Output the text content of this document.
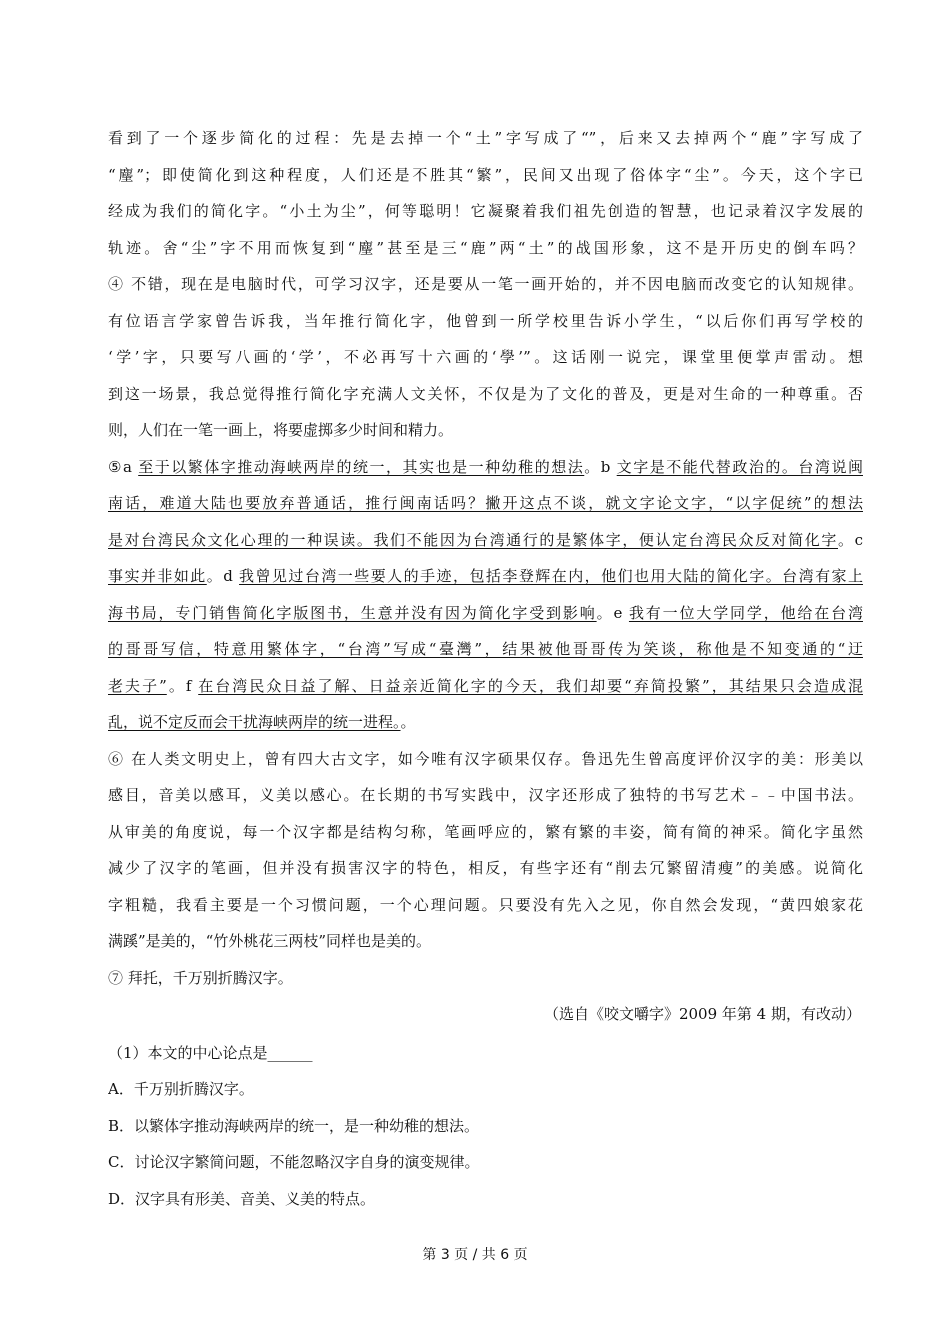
看到了一个逐步简化的过程：先是去掉一个“土”字写成了“”，后来又去掉两个“鹿”字写成了
“麈”；即使简化到这种程度，人们还是不胜其“繁”，民间又出现了俗体字“尘”。今天，这个字已
经成为我们的简化字。“小土为尘”，何等聪明！它凝聚着我们祖先创造的智慧，也记录着汉字发展的
轨迹。舍“尘”字不用而恢复到“麈”甚至是三“鹿”两“土”的战国形象，这不是开历史的倒车吗？
④ 不错，现在是电脑时代，可学习汉字，还是要从一笔一画开始的，并不因电脑而改变它的认知规律。
有位语言学家曾告诉我，当年推行简化字，他曾到一所学校里告诉小学生，“以后你们再写学校的
‘学’字，只要写八画的‘学’，不必再写十六画的‘學’”。这话刚一说完，课堂里便掌声雷动。想
到这一场景，我总觉得推行简化字充满人文关怀，不仅是为了文化的普及，更是对生命的一种尊重。否
则，人们在一笔一画上，将要虚掷多少时间和精力。
⑤a 至于以繁体字推动海峡两岸的统一，其实也是一种幼稚的想法。b 文字是不能代替政治的。台湾说闽
南话，难道大陆也要放弃普通话，推行闽南话吗？撇开这点不谈，就文字论文字，“以字促统”的想法
是对台湾民众文化心理的一种误读。我们不能因为台湾通行的是繁体字，便认定台湾民众反对简化字。c
事实并非如此。d 我曾见过台湾一些要人的手迹，包括李登辉在内，他们也用大陆的简化字。台湾有家上
海书局，专门销售简化字版图书，生意并没有因为简化字受到影响。e 我有一位大学同学，他给在台湾
的哥哥写信，特意用繁体字，“台湾”写成“臺灣”，结果被他哥哥传为笑谈，称他是不知变通的“迂
老夫子”。f 在台湾民众日益了解、日益亲近简化字的今天，我们却要“弃简投繁”，其结果只会造成混
乱，说不定反而会干扰海峡两岸的统一进程。。
⑥ 在人类文明史上，曾有四大古文字，如今唯有汉字硕果仅存。鲁迅先生曾高度评价汉字的美：形美以
感目，音美以感耳，义美以感心。在长期的书写实践中，汉字还形成了独特的书写艺术﹣﹣中国书法。
从审美的角度说，每一个汉字都是结构匀称，笔画呼应的，繁有繁的丰姿，简有简的神采。简化字虽然
减少了汉字的笔画，但并没有损害汉字的特色，相反，有些字还有“削去冗繁留清瘦”的美感。说简化
字粗糙，我看主要是一个习惯问题，一个心理问题。只要没有先入之见，你自然会发现，“黄四娘家花
满蹊”是美的，“竹外桃花三两枝”同样也是美的。
⑦ 拜托，千万别折腾汉字。
（选自《咬文嚼字》2009 年第 4 期，有改动）
（1）本文的中心论点是______
A．千万别折腾汉字。
B．以繁体字推动海峡两岸的统一，是一种幼稚的想法。
C．讨论汉字繁简问题，不能忽略汉字自身的演变规律。
D．汉字具有形美、音美、义美的特点。
第 3 页 / 共 6 页
